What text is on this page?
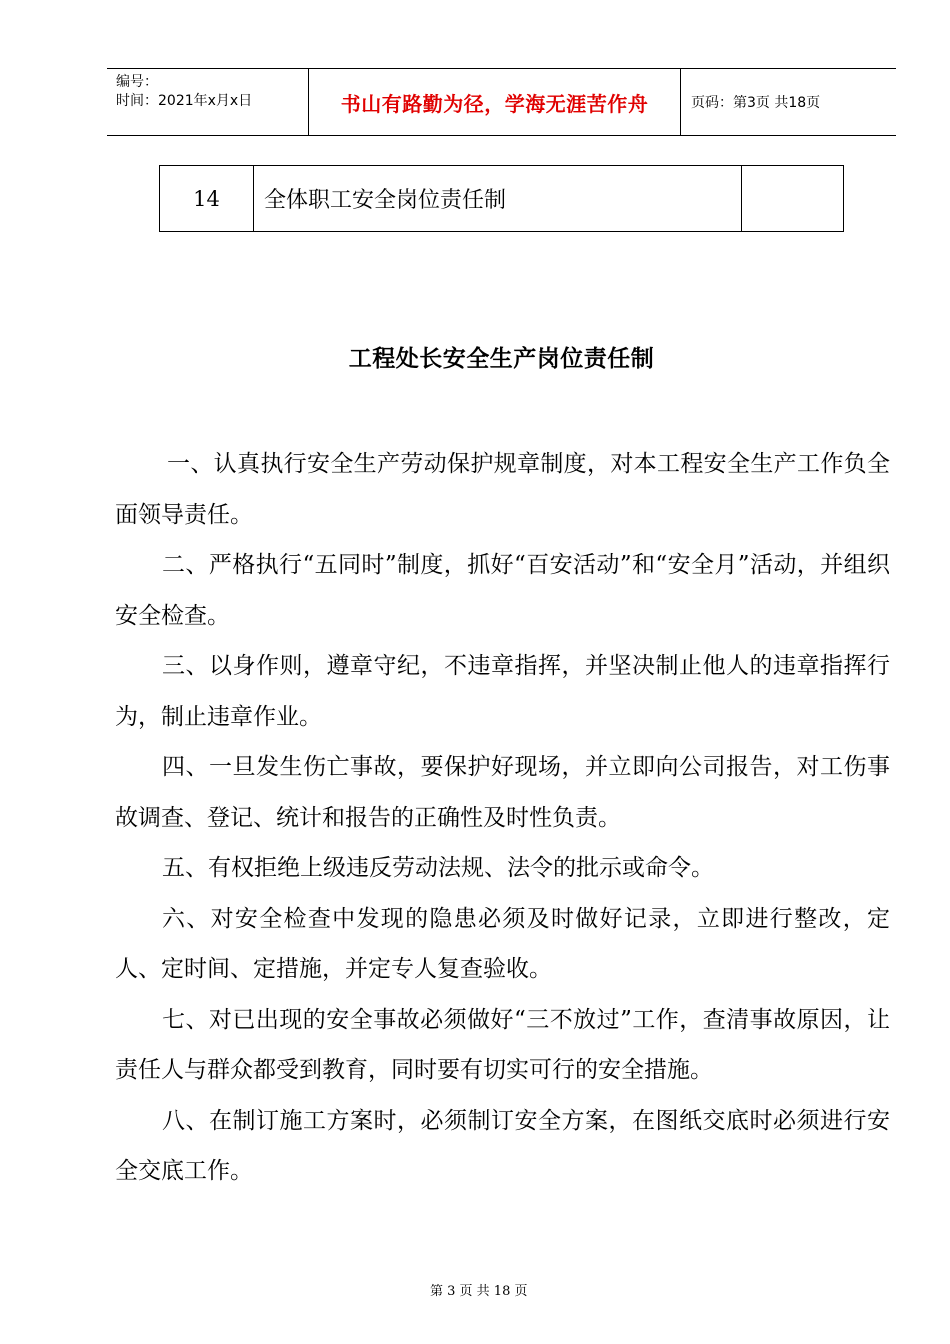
编号：
时间：2021年x月x日	书山有路勤为径，学海无涯苦作舟	页码：第3页 共18页
14	全体职工安全岗位责任制
工程处长安全生产岗位责任制

一、认真执行安全生产劳动保护规章制度，对本工程安全生产工作负全面领导责任。

二、严格执行“五同时”制度，抓好“百安活动”和“安全月”活动，并组织安全检查。

三、以身作则，遵章守纪，不违章指挥，并坚决制止他人的违章指挥行为，制止违章作业。

四、一旦发生伤亡事故，要保护好现场，并立即向公司报告，对工伤事故调查、登记、统计和报告的正确性及时性负责。

五、有权拒绝上级违反劳动法规、法令的批示或命令。

六、对安全检查中发现的隐患必须及时做好记录，立即进行整改，定人、定时间、定措施，并定专人复查验收。

七、对已出现的安全事故必须做好“三不放过”工作，查清事故原因，让责任人与群众都受到教育，同时要有切实可行的安全措施。

八、在制订施工方案时，必须制订安全方案，在图纸交底时必须进行安全交底工作。

第 3 页 共 18 页
